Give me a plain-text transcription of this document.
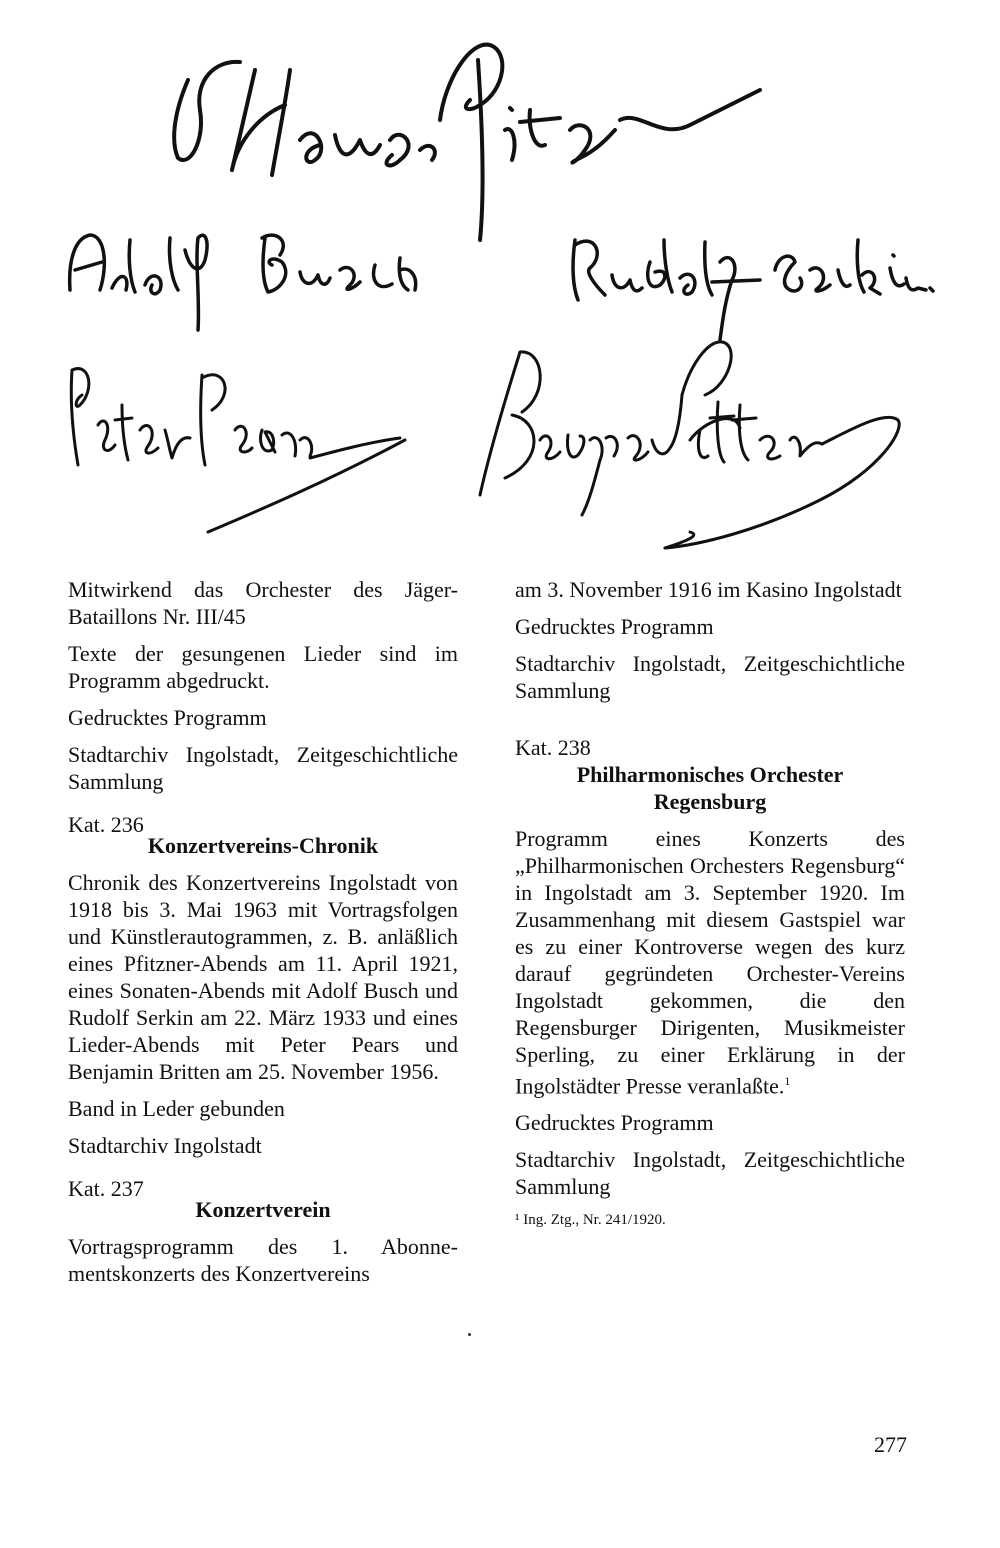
Mitwirkend das Orchester des Jäger-Bataillons Nr. III/45

Texte der gesungenen Lieder sind im Programm abgedruckt.

Gedrucktes Programm

Stadtarchiv Ingolstadt, Zeitgeschichtliche Sammlung

Kat. 236

Konzertvereins-Chronik

Chronik des Konzertvereins Ingolstadt von 1918 bis 3. Mai 1963 mit Vortragsfolgen und Künstlerautogrammen, z. B. anläßlich eines Pfitzner-Abends am 11. April 1921, eines Sonaten-Abends mit Adolf Busch und Rudolf Serkin am 22. März 1933 und eines Lieder-Abends mit Peter Pears und Benjamin Britten am 25. November 1956.

Band in Leder gebunden

Stadtarchiv Ingolstadt

Kat. 237

Konzertverein

Vortragsprogramm des 1. Abonnementskonzerts des Konzertvereins

am 3. November 1916 im Kasino Ingolstadt

Gedrucktes Programm

Stadtarchiv Ingolstadt, Zeitgeschichtliche Sammlung

Kat. 238

Philharmonisches Orchester

Regensburg

Programm eines Konzerts des „Philharmonischen Orchesters Regensburg“ in Ingolstadt am 3. September 1920. Im Zusammenhang mit diesem Gastspiel war es zu einer Kontroverse wegen des kurz darauf gegründeten Orchester-Vereins Ingolstadt gekommen, die den Regensburger Dirigenten, Musikmeister Sperling, zu einer Erklärung in der Ingolstädter Presse veranlaßte.$^1$

Gedrucktes Programm

Stadtarchiv Ingolstadt, Zeitgeschichtliche Sammlung

¹ Ing. Ztg., Nr. 241/1920.

277
